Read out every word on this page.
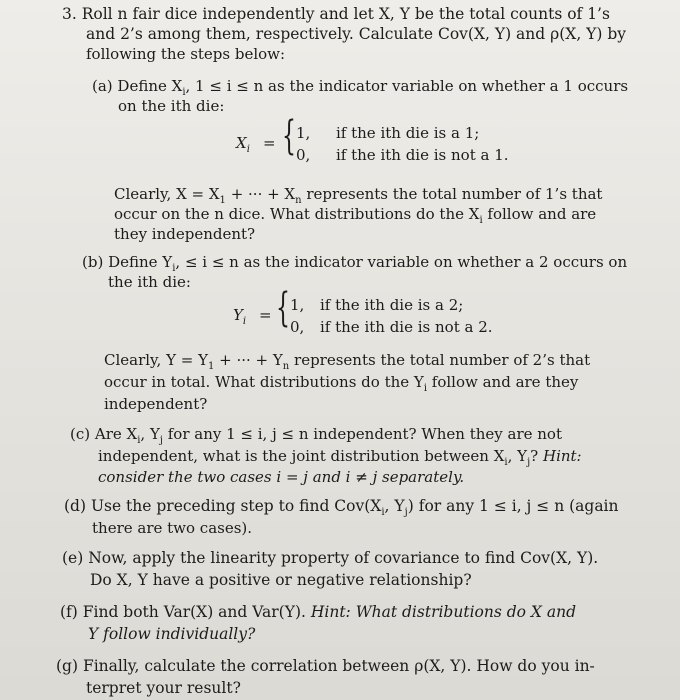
3. Roll n fair dice independently and let X, Y be the total counts of 1’s
and 2’s among them, respectively. Calculate Cov(X, Y) and ρ(X, Y) by
following the steps below:
(a) Define $X_i$, 1 ≤ i ≤ n as the indicator variable on whether a 1 occurs
on the ith die:
$X_i$ = { 1, if the ith die is a 1;
0, if the ith die is not a 1.
Clearly, $X = X_1$ + ··· + $X_n$ represents the total number of 1’s that
occur on the n dice. What distributions do the $X_i$ follow and are
they independent?
(b) Define $Y_i$, ≤ i ≤ n as the indicator variable on whether a 2 occurs on
the ith die:
$Y_i$ = { 1, if the ith die is a 2;
0, if the ith die is not a 2.
Clearly, $Y = Y_1$ + ··· + $Y_n$ represents the total number of 2’s that
occur in total. What distributions do the $Y_i$ follow and are they
independent?
(c) Are $X_i$, $Y_j$ for any 1 ≤ i, j ≤ n independent? When they are not
independent, what is the joint distribution between $X_i$, $Y_j$? Hint:
consider the two cases i = j and i ≠ j separately.
(d) Use the preceding step to find $Cov(X_i$, $Y_j$) for any 1 ≤ i, j ≤ n (again
there are two cases).
(e) Now, apply the linearity property of covariance to find Cov(X, Y).
Do X, Y have a positive or negative relationship?
(f) Find both Var(X) and Var(Y). Hint: What distributions do X and
Y follow individually?
(g) Finally, calculate the correlation between ρ(X, Y). How do you in-
terpret your result?
